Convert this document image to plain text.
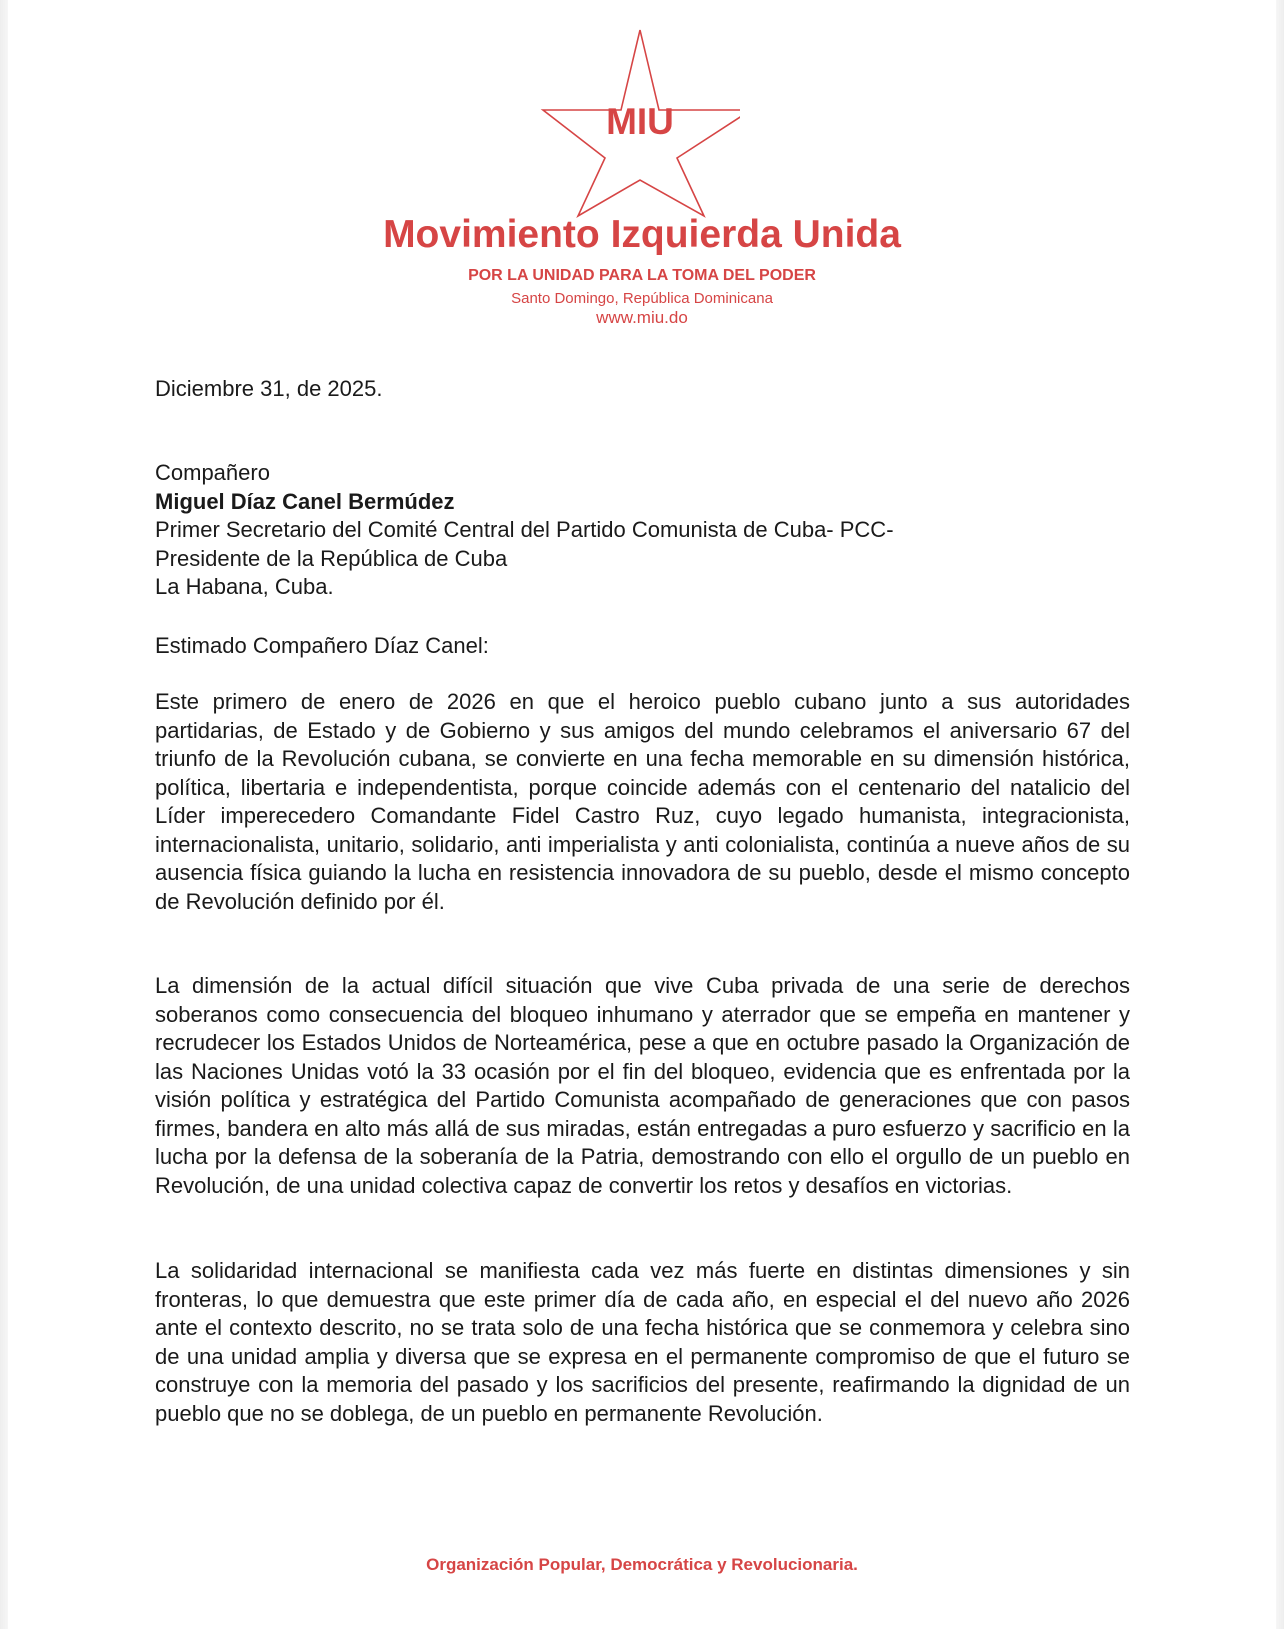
MIU
Movimiento Izquierda Unida
POR LA UNIDAD PARA LA TOMA DEL PODER
Santo Domingo, República Dominicana
www.miu.do
Diciembre 31, de 2025.
Compañero
Miguel Díaz Canel Bermúdez
Primer Secretario del Comité Central del Partido Comunista de Cuba- PCC-
Presidente de la República de Cuba
La Habana, Cuba.
Estimado Compañero Díaz Canel:
Este primero de enero de 2026 en que el heroico pueblo cubano junto a sus autoridades partidarias, de Estado y de Gobierno y sus amigos del mundo celebramos el aniversario 67 del triunfo de la Revolución cubana, se convierte en una fecha memorable en su dimensión histórica, política, libertaria e independentista, porque coincide además con el centenario del natalicio del Líder imperecedero Comandante Fidel Castro Ruz, cuyo legado humanista, integracionista, internacionalista, unitario, solidario, anti imperialista y anti colonialista, continúa a nueve años de su ausencia física guiando la lucha en resistencia innovadora de su pueblo, desde el mismo concepto de Revolución definido por él.
La dimensión de la actual difícil situación que vive Cuba privada de una serie de derechos soberanos como consecuencia del bloqueo inhumano y aterrador que se empeña en mantener y recrudecer los Estados Unidos de Norteamérica, pese a que en octubre pasado la Organización de las Naciones Unidas votó la 33 ocasión por el fin del bloqueo, evidencia que es enfrentada por la visión política y estratégica del Partido Comunista acompañado de generaciones que con pasos firmes, bandera en alto más allá de sus miradas, están entregadas a puro esfuerzo y sacrificio en la lucha por la defensa de la soberanía de la Patria, demostrando con ello el orgullo de un pueblo en Revolución, de una unidad colectiva capaz de convertir los retos y desafíos en victorias.
La solidaridad internacional se manifiesta cada vez más fuerte en distintas dimensiones y sin fronteras, lo que demuestra que este primer día de cada año, en especial el del nuevo año 2026 ante el contexto descrito, no se trata solo de una fecha histórica que se conmemora y celebra sino de una unidad amplia y diversa que se expresa en el permanente compromiso de que el futuro se construye con la memoria del pasado y los sacrificios del presente, reafirmando la dignidad de un pueblo que no se doblega, de un pueblo en permanente Revolución.
Organización Popular, Democrática y Revolucionaria.
